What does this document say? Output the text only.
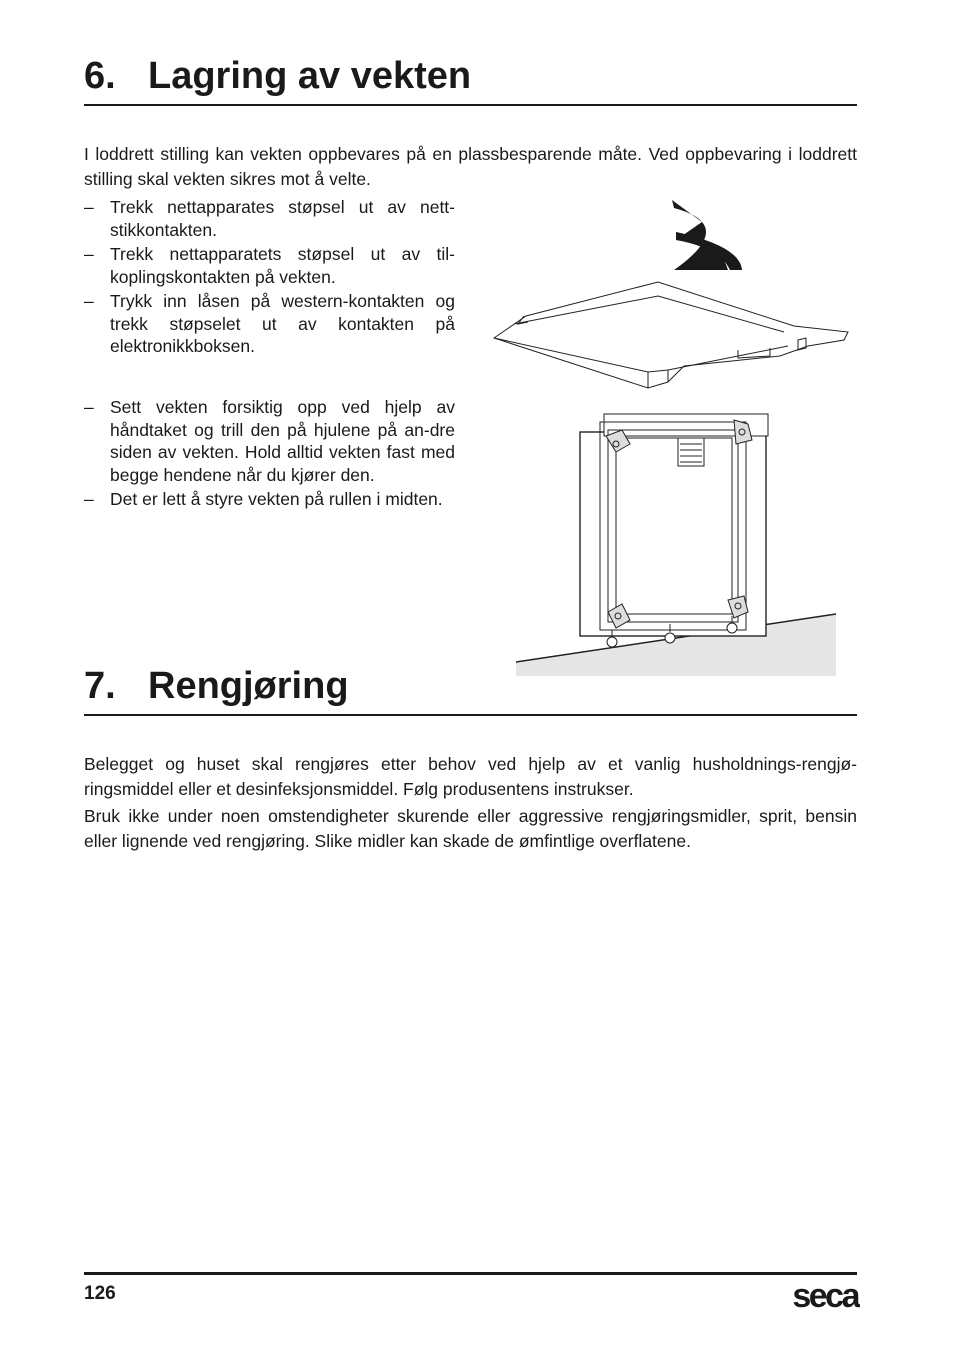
6. Lagring av vekten

I loddrett stilling kan vekten oppbevares på en plassbesparende måte. Ved oppbevaring i loddrett stilling skal vekten sikres mot å velte.

– Trekk nettapparates støpsel ut av nett-stikkontakten.
– Trekk nettapparatets støpsel ut av til-koplingskontakten på vekten.
– Trykk inn låsen på western-kontakten og trekk støpselet ut av kontakten på elektronikkboksen.
– Sett vekten forsiktig opp ved hjelp av håndtaket og trill den på hjulene på an-dre siden av vekten. Hold alltid vekten fast med begge hendene når du kjører den.
– Det er lett å styre vekten på rullen i midten.
7. Rengjøring

Belegget og huset skal rengjøres etter behov ved hjelp av et vanlig husholdnings-rengjø-ringsmiddel eller et desinfeksjonsmiddel. Følg produsentens instrukser.

Bruk ikke under noen omstendigheter skurende eller aggressive rengjøringsmidler, sprit, bensin eller lignende ved rengjøring. Slike midler kan skade de ømfintlige overflatene.

126	seca
